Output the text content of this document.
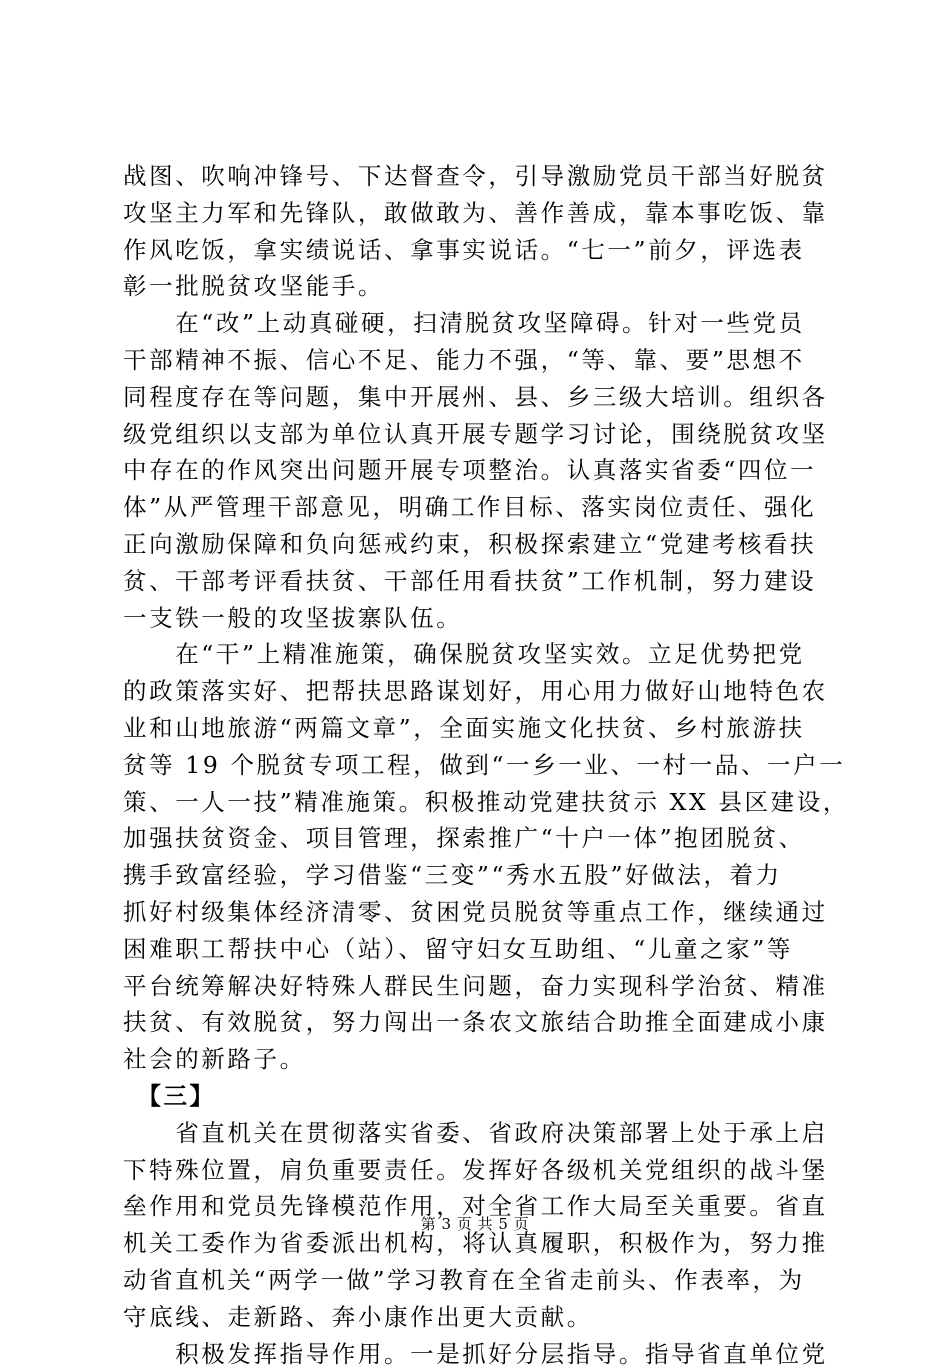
战图、吹响冲锋号、下达督查令，引导激励党员干部当好脱贫
攻坚主力军和先锋队，敢做敢为、善作善成，靠本事吃饭、靠
作风吃饭，拿实绩说话、拿事实说话。“七一”前夕，评选表
彰一批脱贫攻坚能手。
　　在“改”上动真碰硬，扫清脱贫攻坚障碍。针对一些党员
干部精神不振、信心不足、能力不强，“等、靠、要”思想不
同程度存在等问题，集中开展州、县、乡三级大培训。组织各
级党组织以支部为单位认真开展专题学习讨论，围绕脱贫攻坚
中存在的作风突出问题开展专项整治。认真落实省委“四位一
体”从严管理干部意见，明确工作目标、落实岗位责任、强化
正向激励保障和负向惩戒约束，积极探索建立“党建考核看扶
贫、干部考评看扶贫、干部任用看扶贫”工作机制，努力建设
一支铁一般的攻坚拔寨队伍。
　　在“干”上精准施策，确保脱贫攻坚实效。立足优势把党
的政策落实好、把帮扶思路谋划好，用心用力做好山地特色农
业和山地旅游“两篇文章”，全面实施文化扶贫、乡村旅游扶
贫等 19 个脱贫专项工程，做到“一乡一业、一村一品、一户一
策、一人一技”精准施策。积极推动党建扶贫示 XX 县区建设，
加强扶贫资金、项目管理，探索推广“十户一体”抱团脱贫、
携手致富经验，学习借鉴“三变”“秀水五股”好做法，着力
抓好村级集体经济清零、贫困党员脱贫等重点工作，继续通过
困难职工帮扶中心（站）、留守妇女互助组、“儿童之家”等
平台统筹解决好特殊人群民生问题，奋力实现科学治贫、精准
扶贫、有效脱贫，努力闯出一条农文旅结合助推全面建成小康
社会的新路子。
　【三】
　　省直机关在贯彻落实省委、省政府决策部署上处于承上启
下特殊位置，肩负重要责任。发挥好各级机关党组织的战斗堡
垒作用和党员先锋模范作用，对全省工作大局至关重要。省直
机关工委作为省委派出机构，将认真履职，积极作为，努力推
动省直机关“两学一做”学习教育在全省走前头、作表率，为
守底线、走新路、奔小康作出更大贡献。
　　积极发挥指导作用。一是抓好分层指导。指导省直单位党
第 3 页 共 5 页
